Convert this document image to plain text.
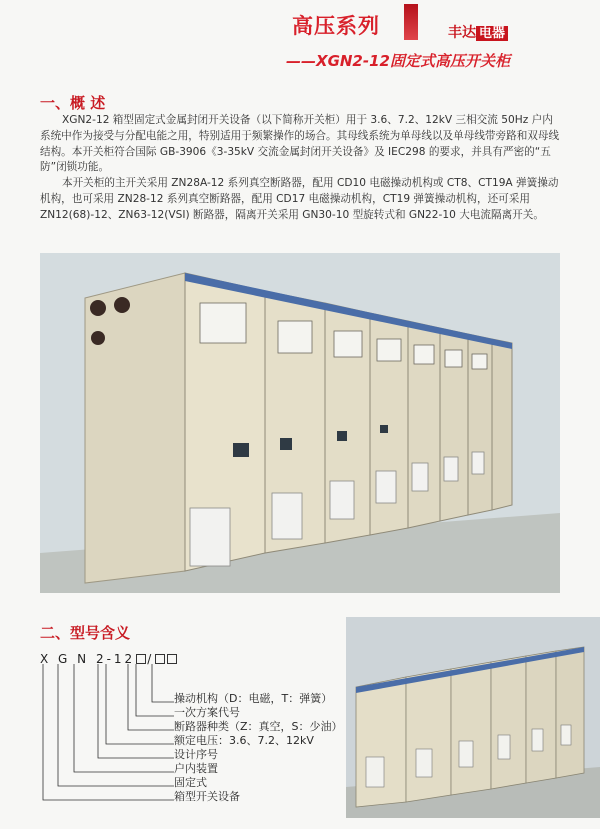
高压系列	丰达 电器
——XGN2-12固定式高压开关柜
一、概 述

XGN2-12 箱型固定式金属封闭开关设备（以下简称开关柜）用于 3.6、7.2、12kV 三相交流 50Hz 户内系统中作为接受与分配电能之用，特别适用于频繁操作的场合。其母线系统为单母线以及单母线带旁路和双母线结构。本开关柜符合国际 GB-3906《3-35kV 交流金属封闭开关设备》及 IEC298 的要求，并具有严密的“五防”闭锁功能。

本开关柜的主开关采用 ZN28A-12 系列真空断路器，配用 CD10 电磁操动机构或 CT8、CT19A 弹簧操动机构，也可采用 ZN28-12 系列真空断路器，配用 CD17 电磁操动机构，CT19 弹簧操动机构，还可采用 ZN12(68)-12、ZN63-12(VSI) 断路器，隔离开关采用 GN30-10 型旋转式和 GN22-10 大电流隔离开关。

二、型号含义
X G N 2-12 /
操动机构（D：电磁，T：弹簧）
一次方案代号
断路器种类（Z：真空，S：少油）
额定电压：3.6、7.2、12kV
设计序号
户内装置
固定式
箱型开关设备
